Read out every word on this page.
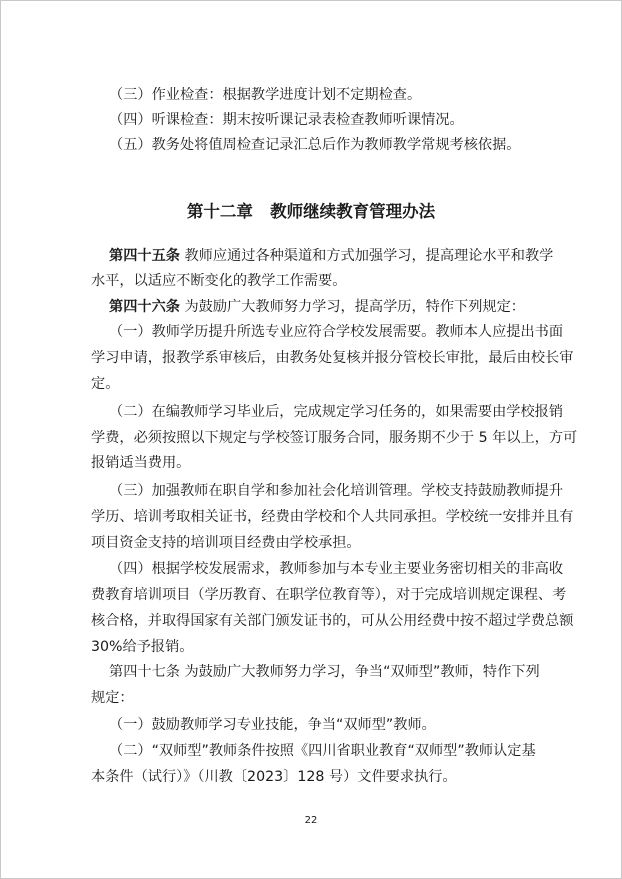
（三）作业检查：根据教学进度计划不定期检查。
（四）听课检查：期末按听课记录表检查教师听课情况。
（五）教务处将值周检查记录汇总后作为教师教学常规考核依据。
第十二章   教师继续教育管理办法
第四十五条 教师应通过各种渠道和方式加强学习，提高理论水平和教学
水平，以适应不断变化的教学工作需要。
第四十六条 为鼓励广大教师努力学习，提高学历，特作下列规定：
（一）教师学历提升所选专业应符合学校发展需要。教师本人应提出书面
学习申请，报教学系审核后，由教务处复核并报分管校长审批，最后由校长审
定。
（二）在编教师学习毕业后，完成规定学习任务的，如果需要由学校报销
学费，必须按照以下规定与学校签订服务合同，服务期不少于 5 年以上，方可
报销适当费用。
（三）加强教师在职自学和参加社会化培训管理。学校支持鼓励教师提升
学历、培训考取相关证书，经费由学校和个人共同承担。学校统一安排并且有
项目资金支持的培训项目经费由学校承担。
（四）根据学校发展需求，教师参加与本专业主要业务密切相关的非高收
费教育培训项目（学历教育、在职学位教育等），对于完成培训规定课程、考
核合格，并取得国家有关部门颁发证书的，可从公用经费中按不超过学费总额
30%给予报销。
第四十七条 为鼓励广大教师努力学习，争当“双师型”教师，特作下列
规定：
（一）鼓励教师学习专业技能，争当“双师型”教师。
（二）“双师型”教师条件按照《四川省职业教育“双师型”教师认定基
本条件（试行）》（川教〔2023〕128 号）文件要求执行。
22
